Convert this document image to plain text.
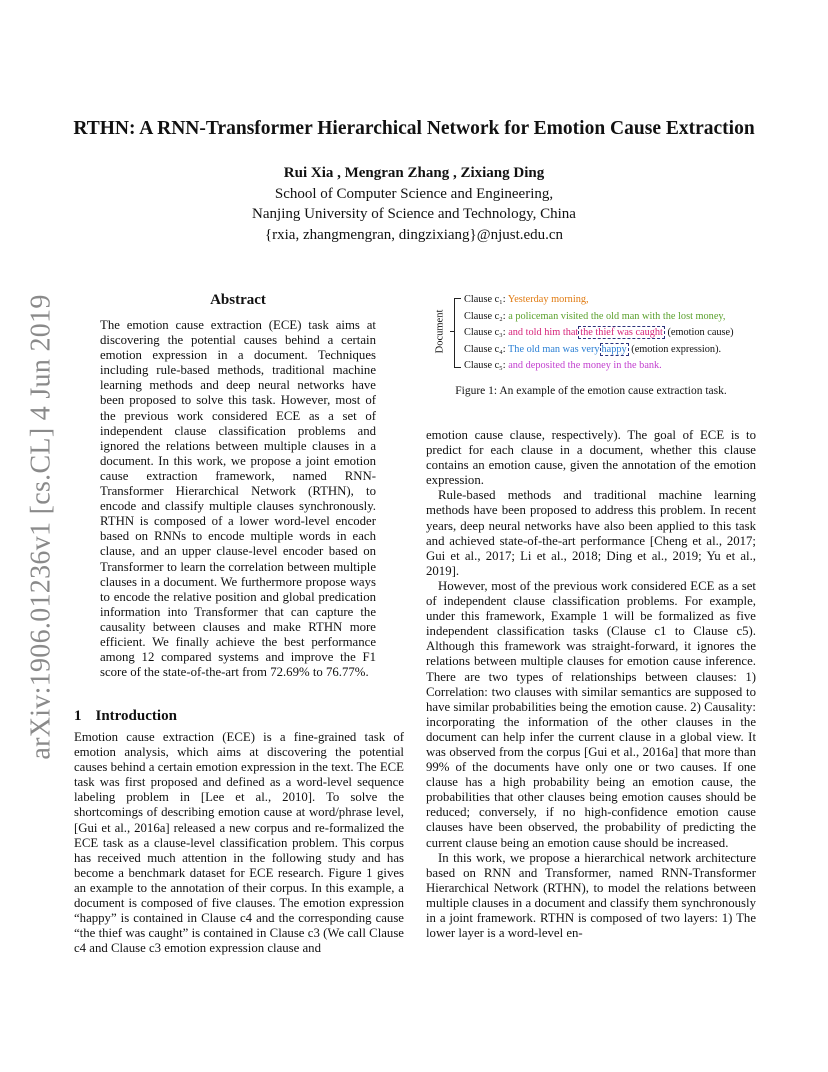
arXiv:1906.01236v1 [cs.CL] 4 Jun 2019
RTHN: A RNN-Transformer Hierarchical Network for Emotion Cause Extraction
Rui Xia , Mengran Zhang , Zixiang Ding
School of Computer Science and Engineering,
Nanjing University of Science and Technology, China
{rxia, zhangmengran, dingzixiang}@njust.edu.cn
Abstract

The emotion cause extraction (ECE) task aims at discovering the potential causes behind a certain emotion expression in a document. Techniques including rule-based methods, traditional machine learning methods and deep neural networks have been proposed to solve this task. However, most of the previous work considered ECE as a set of independent clause classification problems and ignored the relations between multiple clauses in a document. In this work, we propose a joint emotion cause extraction framework, named RNN-Transformer Hierarchical Network (RTHN), to encode and classify multiple clauses synchronously. RTHN is composed of a lower word-level encoder based on RNNs to encode multiple words in each clause, and an upper clause-level encoder based on Transformer to learn the correlation between multiple clauses in a document. We furthermore propose ways to encode the relative position and global predication information into Transformer that can capture the causality between clauses and make RTHN more efficient. We finally achieve the best performance among 12 compared systems and improve the F1 score of the state-of-the-art from 72.69% to 76.77%.

Document
Clause c₁: Yesterday morning,
Clause c₂: a policeman visited the old man with the lost money,
Clause c₃: and told him that the thief was caught (emotion cause)
Clause c₄: The old man was very happy (emotion expression).
Clause c₅: and deposited the money in the bank.
Figure 1: An example of the emotion cause extraction task.
1 Introduction

Emotion cause extraction (ECE) is a fine-grained task of emotion analysis, which aims at discovering the potential causes behind a certain emotion expression in the text. The ECE task was first proposed and defined as a word-level sequence labeling problem in [Lee et al., 2010]. To solve the shortcomings of describing emotion cause at word/phrase level, [Gui et al., 2016a] released a new corpus and re-formalized the ECE task as a clause-level classification problem. This corpus has received much attention in the following study and has become a benchmark dataset for ECE research. Figure 1 gives an example to the annotation of their corpus. In this example, a document is composed of five clauses. The emotion expression “happy” is contained in Clause c4 and the corresponding cause “the thief was caught” is contained in Clause c3 (We call Clause c4 and Clause c3 emotion expression clause and

emotion cause clause, respectively). The goal of ECE is to predict for each clause in a document, whether this clause contains an emotion cause, given the annotation of the emotion expression.

Rule-based methods and traditional machine learning methods have been proposed to address this problem. In recent years, deep neural networks have also been applied to this task and achieved state-of-the-art performance [Cheng et al., 2017; Gui et al., 2017; Li et al., 2018; Ding et al., 2019; Yu et al., 2019].

However, most of the previous work considered ECE as a set of independent clause classification problems. For example, under this framework, Example 1 will be formalized as five independent classification tasks (Clause c1 to Clause c5). Although this framework was straight-forward, it ignores the relations between multiple clauses for emotion cause inference. There are two types of relationships between clauses: 1) Correlation: two clauses with similar semantics are supposed to have similar probabilities being the emotion cause. 2) Causality: incorporating the information of the other clauses in the document can help infer the current clause in a global view. It was observed from the corpus [Gui et al., 2016a] that more than 99% of the documents have only one or two causes. If one clause has a high probability being an emotion cause, the probabilities that other clauses being emotion causes should be reduced; conversely, if no high-confidence emotion cause clauses have been observed, the probability of predicting the current clause being an emotion cause should be increased.

In this work, we propose a hierarchical network architecture based on RNN and Transformer, named RNN-Transformer Hierarchical Network (RTHN), to model the relations between multiple clauses in a document and classify them synchronously in a joint framework. RTHN is composed of two layers: 1) The lower layer is a word-level en-
